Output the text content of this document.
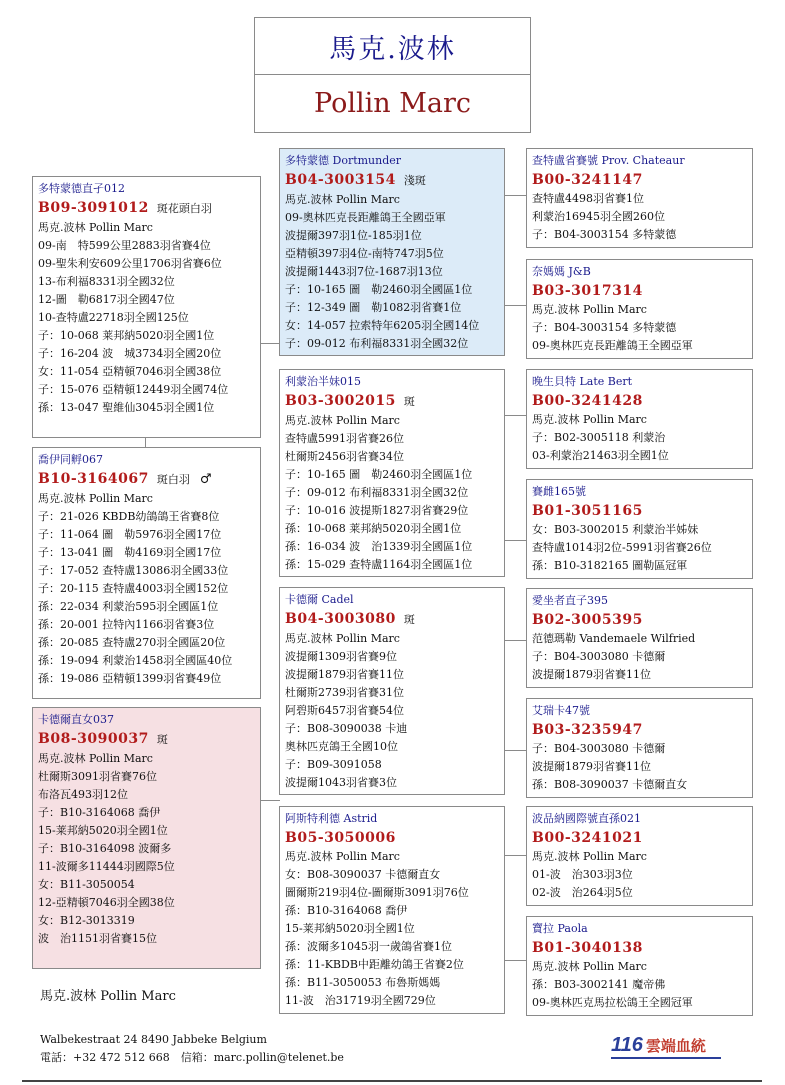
馬克.波林
Pollin Marc
多特蒙德直孑012
B09-3091012 斑花頭白羽
馬克.波林 Pollin Marc
09-南　特599公里2883羽省賽4位
09-聖朱利安609公里1706羽省賽6位
13-布利福8331羽全國32位
12-圖　勒6817羽全國47位
10-查特盧22718羽全國125位
子：10-068 莱邦納5020羽全國1位
子：16-204 波　城3734羽全國20位
女：11-054 亞精頓7046羽全國38位
子：15-076 亞精頓12449羽全國74位
孫：13-047 聖維仙3045羽全國1位
喬伊同孵067
B10-3164067 斑白羽 ♂
馬克.波林 Pollin Marc
子：21-026 KBDB幼鴿鴿王省賽8位
子：11-064 圖　勒5976羽全國17位
子：13-041 圖　勒4169羽全國17位
子：17-052 查特盧13086羽全國33位
子：20-115 查特盧4003羽全國152位
孫：22-034 利蒙治595羽全國區1位
孫：20-001 拉特內1166羽省賽3位
孫：20-085 查特盧270羽全國區20位
孫：19-094 利蒙治1458羽全國區40位
孫：19-086 亞精頓1399羽省賽49位
卡德爾直女037
B08-3090037 斑
馬克.波林 Pollin Marc
杜爾斯3091羽省賽76位
布洛瓦493羽12位
子：B10-3164068 喬伊
15-莱邦納5020羽全國1位
子：B10-3164098 波爾多
11-波爾多11444羽國際5位
女：B11-3050054
12-亞精頓7046羽全國38位
女：B12-3013319
波　治1151羽省賽15位
多特蒙德 Dortmunder
B04-3003154 淺斑
馬克.波林 Pollin Marc
09-奧林匹克長距離鴿王全國亞軍
波提爾397羽1位-185羽1位
亞精頓397羽4位-南特747羽5位
波提爾1443羽7位-1687羽13位
子：10-165 圖　勒2460羽全國區1位
子：12-349 圖　勒1082羽省賽1位
女：14-057 拉索特年6205羽全國14位
子：09-012 布利福8331羽全國32位
利蒙治半妹015
B03-3002015 斑
馬克.波林 Pollin Marc
查特盧5991羽省賽26位
杜爾斯2456羽省賽34位
子：10-165 圖　勒2460羽全國區1位
子：09-012 布利福8331羽全國32位
子：10-016 波提斯1827羽省賽29位
孫：10-068 莱邦納5020羽全國1位
孫：16-034 波　治1339羽全國區1位
孫：15-029 查特盧1164羽全國區1位
卡德爾 Cadel
B04-3003080 斑
馬克.波林 Pollin Marc
波提爾1309羽省賽9位
波提爾1879羽省賽11位
杜爾斯2739羽省賽31位
阿碧斯6457羽省賽54位
子：B08-3090038 卡迪
奧林匹克鴿王全國10位
子：B09-3091058
波提爾1043羽省賽3位
阿斯特利德 Astrid
B05-3050006
馬克.波林 Pollin Marc
女：B08-3090037 卡德爾直女
圖爾斯219羽4位-圖爾斯3091羽76位
孫：B10-3164068 喬伊
15-莱邦納5020羽全國1位
孫：波爾多1045羽一歲鴿省賽1位
孫：11-KBDB中距離幼鴿王省賽2位
孫：B11-3050053 布魯斯媽媽
11-波　治31719羽全國729位
查特盧省賽號 Prov. Chateaur
B00-3241147
查特盧4498羽省賽1位
利蒙治16945羽全國260位
子：B04-3003154 多特蒙德
奈媽媽 J&B
B03-3017314
馬克.波林 Pollin Marc
子：B04-3003154 多特蒙德
09-奧林匹克長距離鴿王全國亞軍
晚生貝特 Late Bert
B00-3241428
馬克.波林 Pollin Marc
子：B02-3005118 利蒙治
03-利蒙治21463羽全國1位
賽雌165號
B01-3051165
女：B03-3002015 利蒙治半姊妹
查特盧1014羽2位-5991羽省賽26位
孫：B10-3182165 圖勒區冠軍
愛坐者直子395
B02-3005395
范德瑪勒 Vandemaele Wilfried
子：B04-3003080 卡德爾
波提爾1879羽省賽11位
艾瑞卡47號
B03-3235947
子：B04-3003080 卡德爾
波提爾1879羽省賽11位
孫：B08-3090037 卡德爾直女
波品納國際號直孫021
B00-3241021
馬克.波林 Pollin Marc
01-波　治303羽3位
02-波　治264羽5位
寶拉 Paola
B01-3040138
馬克.波林 Pollin Marc
孫：B03-3002141 魔帝佛
09-奧林匹克馬拉松鴿王全國冠軍
馬克.波林 Pollin Marc
Walbekestraat 24 8490 Jabbeke Belgium
電話：+32 472 512 668　信箱：marc.pollin@telenet.be
116 雲端血統
